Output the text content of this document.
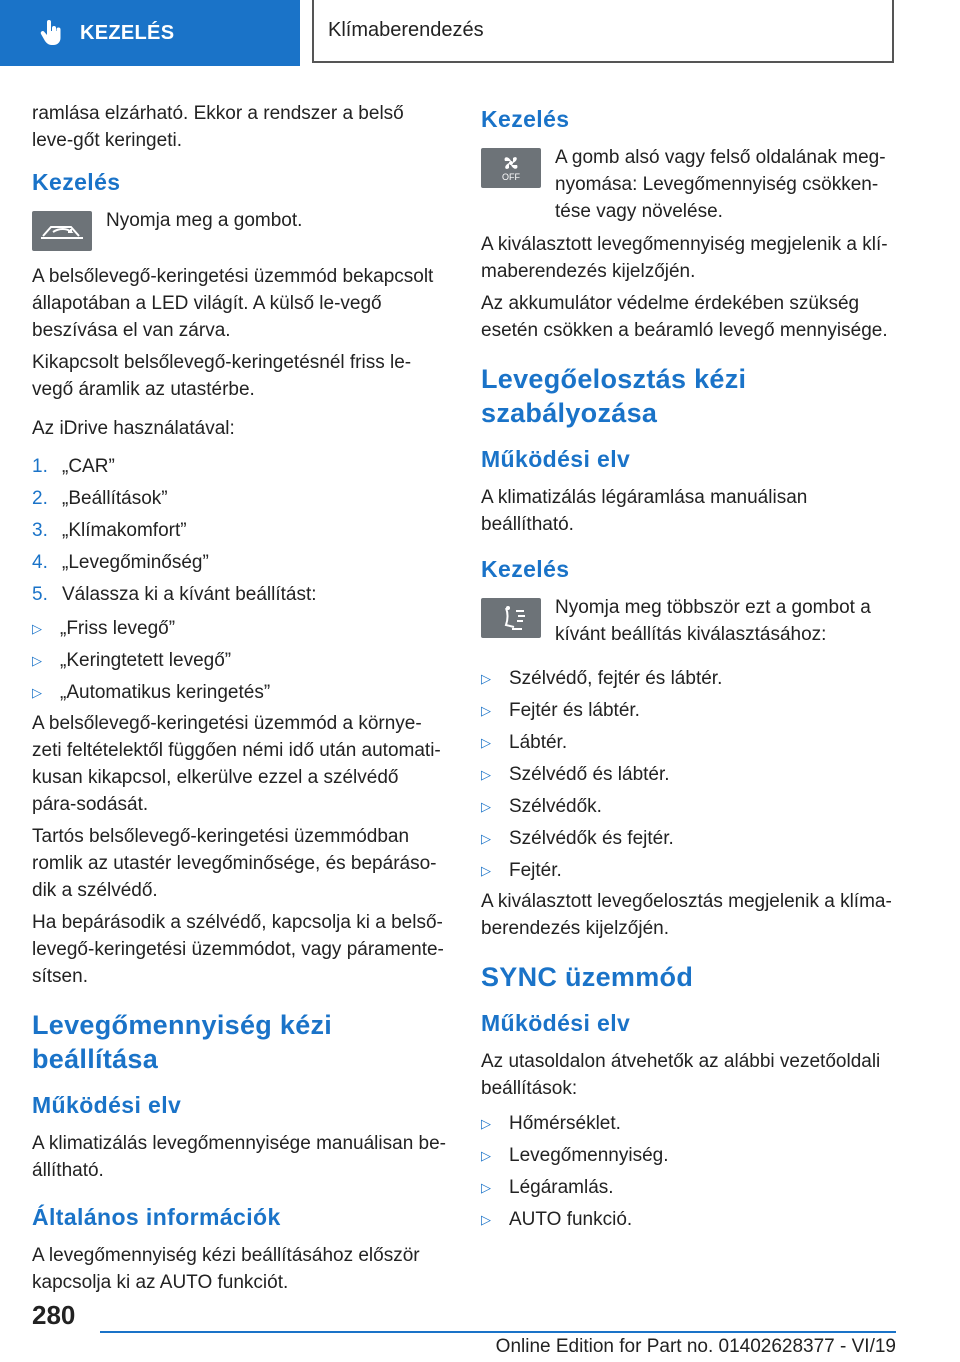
KEZELÉS	Klímaberendezés

ramlása elzárható. Ekkor a rendszer a belső leve-gőt keringeti.

Kezelés

Nyomja meg a gombot.

A belsőlevegő-keringetési üzemmód bekapcsolt állapotában a LED világít. A külső le-vegő beszívása el van zárva.

Kikapcsolt belsőlevegő-keringetésnél friss le-vegő áramlik az utastérbe.

Az iDrive használatával:

1. „CAR”
2. „Beállítások”
3. „Klímakomfort”
4. „Levegőminőség”
5. Válassza ki a kívánt beállítást:
▷ „Friss levegő”
▷ „Keringtetett levegő”
▷ „Automatikus keringetés”

A belsőlevegő-keringetési üzemmód a környe-zeti feltételektől függően némi idő után automati-kusan kikapcsol, elkerülve ezzel a szélvédő pára-sodását.

Tartós belsőlevegő-keringetési üzemmódban romlik az utastér levegőminősége, és bepáráso-dik a szélvédő.

Ha bepárásodik a szélvédő, kapcsolja ki a belső-levegő-keringetési üzemmódot, vagy páramente-sítsen.

Levegőmennyiség kézi beállítása
Működési elv

A klimatizálás levegőmennyisége manuálisan be-állítható.

Általános információk

A levegőmennyiség kézi beállításához először kapcsolja ki az AUTO funkciót.

Kezelés
OFF

A gomb alsó vagy felső oldalának meg-nyomása: Levegőmennyiség csökken-tése vagy növelése.

A kiválasztott levegőmennyiség megjelenik a klí-maberendezés kijelzőjén.

Az akkumulátor védelme érdekében szükség esetén csökken a beáramló levegő mennyisége.

Levegőelosztás kézi szabályozása
Működési elv

A klimatizálás légáramlása manuálisan beállítható.

Kezelés

Nyomja meg többször ezt a gombot a kívánt beállítás kiválasztásához:

▷ Szélvédő, fejtér és lábtér.
▷ Fejtér és lábtér.
▷ Lábtér.
▷ Szélvédő és lábtér.
▷ Szélvédők.
▷ Szélvédők és fejtér.
▷ Fejtér.

A kiválasztott levegőelosztás megjelenik a klíma-berendezés kijelzőjén.

SYNC üzemmód
Működési elv

Az utasoldalon átvehetők az alábbi vezetőoldali beállítások:

▷ Hőmérséklet.
▷ Levegőmennyiség.
▷ Légáramlás.
▷ AUTO funkció.
280
Online Edition for Part no. 01402628377 - VI/19
